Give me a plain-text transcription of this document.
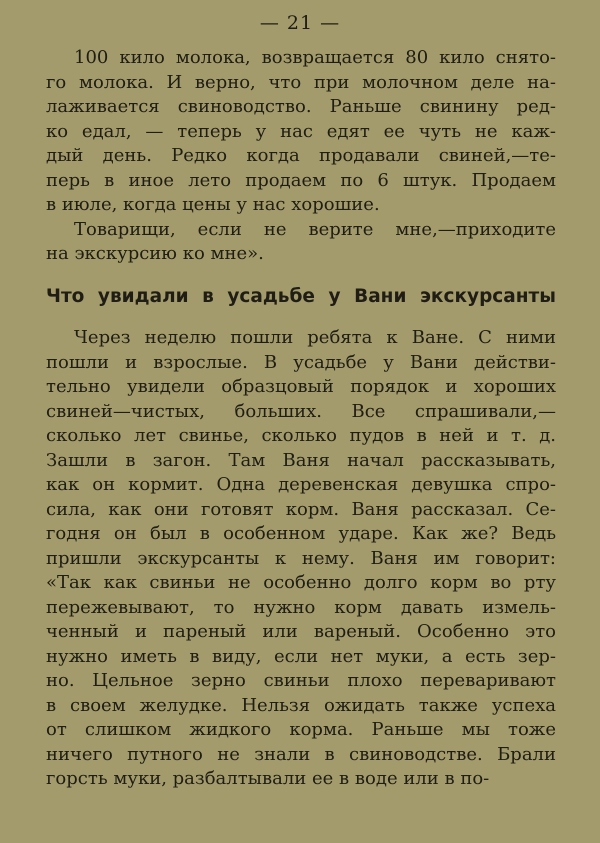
— 21 —
100 кило молока, возвращается 80 кило снято-
го молока. И верно, что при молочном деле на-
лаживается свиноводство. Раньше свинину ред-
ко едал, — теперь у нас едят ее чуть не каж-
дый день. Редко когда продавали свиней,—те-
перь в иное лето продаем по 6 штук. Продаем
в июле, когда цены у нас хорошие.
Товарищи, если не верите мне,—приходите
на экскурсию ко мне».
Что увидали в усадьбе у Вани экскурсанты
Через неделю пошли ребята к Ване. С ними
пошли и взрослые. В усадьбе у Вани действи-
тельно увидели образцовый порядок и хороших
свиней—чистых, больших. Все спрашивали,—
сколько лет свинье, сколько пудов в ней и т. д.
Зашли в загон. Там Ваня начал рассказывать,
как он кормит. Одна деревенская девушка спро-
сила, как они готовят корм. Ваня рассказал. Се-
годня он был в особенном ударе. Как же? Ведь
пришли экскурсанты к нему. Ваня им говорит:
«Так как свиньи не особенно долго корм во рту
пережевывают, то нужно корм давать измель-
ченный и пареный или вареный. Особенно это
нужно иметь в виду, если нет муки, а есть зер-
но. Цельное зерно свиньи плохо переваривают
в своем желудке. Нельзя ожидать также успеха
от слишком жидкого корма. Раньше мы тоже
ничего путного не знали в свиноводстве. Брали
горсть муки, разбалтывали ее в воде или в по-
